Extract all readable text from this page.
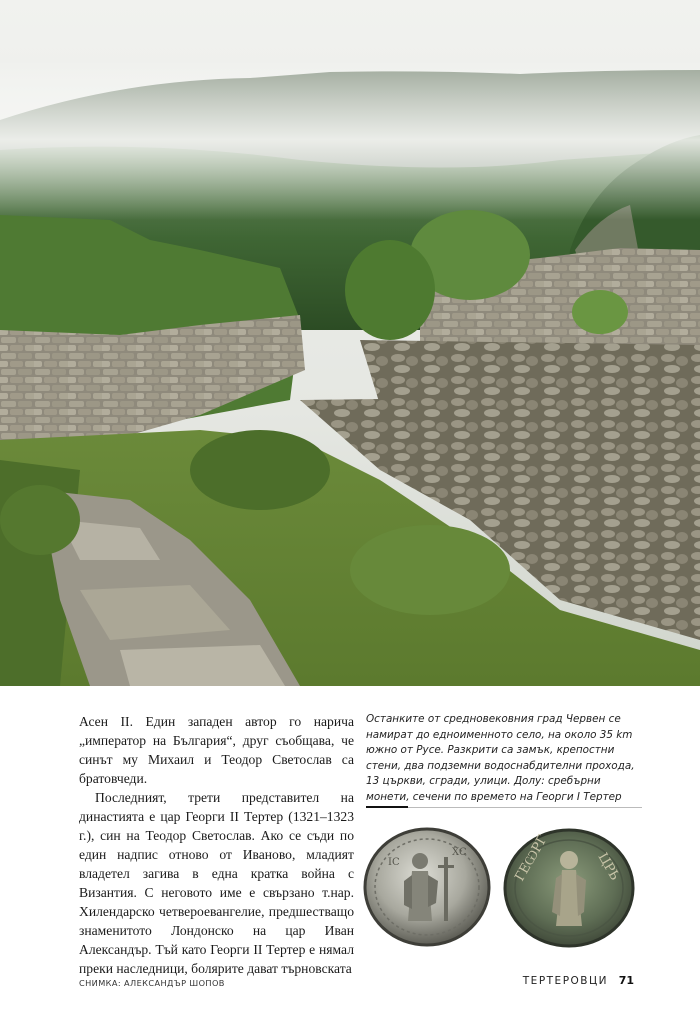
Асен II. Един западен автор го нарича „император на България“, друг съобщава, че синът му Михаил и Теодор Светослав са братовчеди.

Последният, трети представител на династията е цар Георги II Тертер (1321–1323 г.), син на Теодор Светослав. Ако се съди по един надпис отново от Иваново, младият владетел загива в една кратка война с Византия. С неговото име е свързано т.нар. Хилендарско четвероевангелие, предшестващо знаменитото Лондонско на цар Иван Александър. Тъй като Георги II Тертер е нямал преки наследници, болярите дават търновската

Останките от средновековния град Червен се намират до едноименното село, на около 35 km южно от Русе. Разкрити са замък, крепостни стени, два подземни водоснабдителни прохода, 13 църкви, сгради, улици. Долу: сребърни монети, сечени по времето на Георги I Тертер
IC
XC	ГЕѠРГ	ЦРЬ
СНИМКА: АЛЕКСАНДЪР ШОПОВ	ТЕРТЕРОВЦИ 71
